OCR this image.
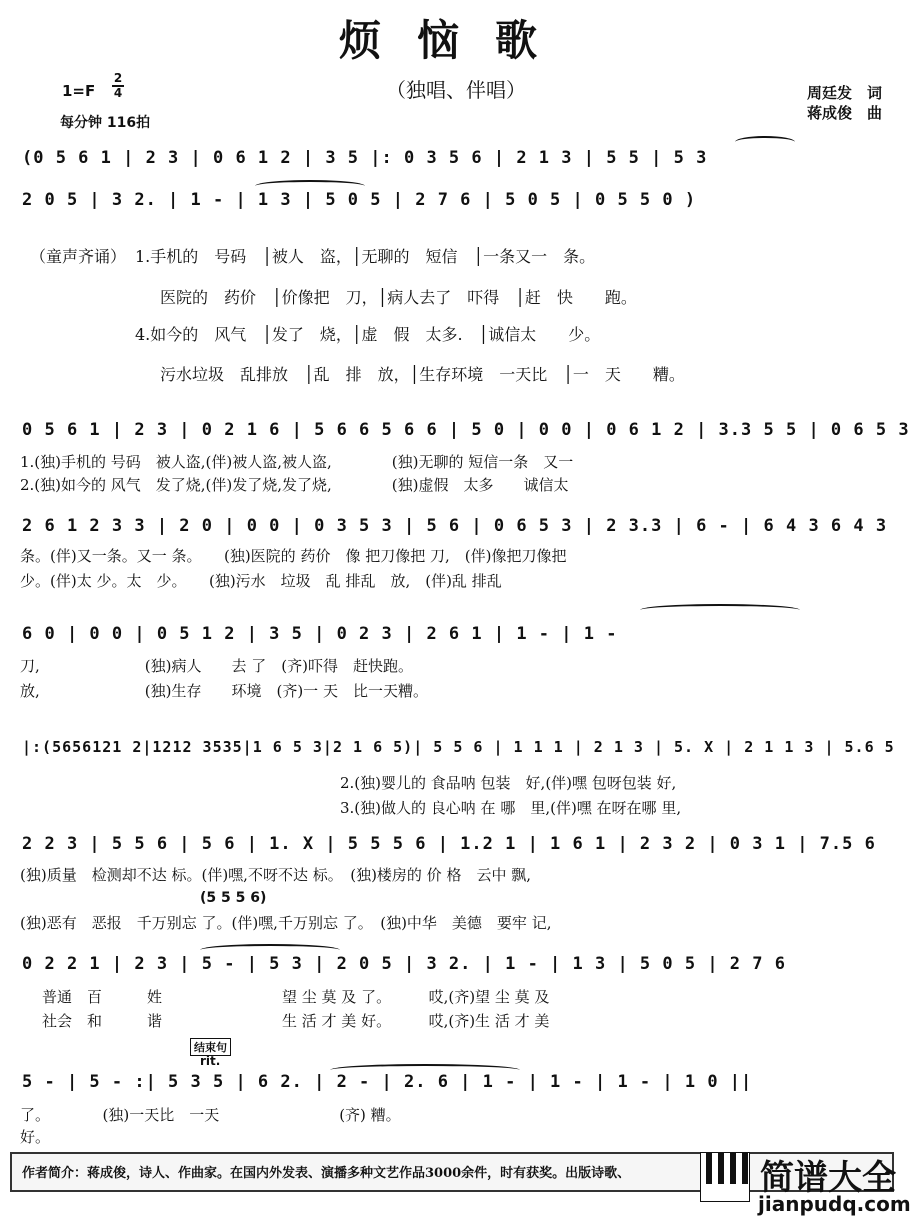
烦恼歌
（独唱、伴唱）	周廷发　词
蒋成俊　曲
1=F
2
4
每分钟 116拍
(0 5 6 1 | 2 3 | 0 6 1 2 | 3 5 |: 0 3 5 6 | 2 1 3 | 5 5 | 5 3
2 0 5 | 3 2. | 1 - | 1 3 | 5 0 5 | 2 7 6 | 5 0 5 | 0 5 5 0 )
（童声齐诵） 1.手机的　号码　│被人　盗，│无聊的　短信　│一条又一　条。
医院的　药价　│价像把　刀，│病人去了　吓得　│赶　快　　跑。
4.如今的　风气　│发了　烧，│虚　假　太多.　│诚信太　　少。
污水垃圾　乱排放　│乱　排　放，│生存环境　一天比　│一　天　　糟。
0 5 6 1 | 2 3 | 0 2 1 6 | 5 6 6 5 6 6 | 5 0 | 0 0 | 0 6 1 2 | 3.3 5 5 | 0 6 5 3
1.(独)手机的 号码　被人盗,(伴)被人盗,被人盗,　　　　(独)无聊的 短信一条　又一
2.(独)如今的 风气　发了烧,(伴)发了烧,发了烧,　　　　(独)虚假　太多　　诚信太
2 6 1 2 3 3 | 2 0 | 0 0 | 0 3 5 3 | 5 6 | 0 6 5 3 | 2 3.3 | 6 - | 6 4 3 6 4 3
条。(伴)又一条。又一 条。　　(独)医院的 药价　像 把刀像把 刀,　(伴)像把刀像把
少。(伴)太 少。太　少。　　(独)污水　垃圾　乱 排乱　放,　(伴)乱 排乱
6 0 | 0 0 | 0 5 1 2 | 3 5 | 0 2 3 | 2 6 1 | 1 - | 1 -
刀,　　　　　　　(独)病人　　去 了　(齐)吓得　赶快跑。
放,　　　　　　　(独)生存　　环境　(齐)一 天　比一天糟。
|:(5656121 2|1212 3535|1 6 5 3|2 1 6 5)| 5 5 6 | 1 1 1 | 2 1 3 | 5. X | 2 1 1 3 | 5.6 5
2.(独)婴儿的 食品呐 包装　好,(伴)嘿 包呀包装 好,
3.(独)做人的 良心呐 在 哪　里,(伴)嘿 在呀在哪 里,
2 2 3 | 5 5 6 | 5 6 | 1. X | 5 5 5 6 | 1.2 1 | 1 6 1 | 2 3 2 | 0 3 1 | 7.5 6
(独)质量　检测却不达 标。(伴)嘿,不呀不达 标。　(独)楼房的 价 格　云中 飘,
(5 5 5 6)
(独)恶有　恶报　千万别忘 了。(伴)嘿,千万别忘 了。　(独)中华　美德　要牢 记,
0 2 2 1 | 2 3 | 5 - | 5 3 | 2 0 5 | 3 2. | 1 - | 1 3 | 5 0 5 | 2 7 6
普通　百　　　姓　　　　　　　　望 尘 莫 及 了。　　　哎,(齐)望 尘 莫 及
社会　和　　　谐　　　　　　　　生 活 才 美 好。　　　哎,(齐)生 活 才 美
结束句
rit.
5 - | 5 - :| 5 3 5 | 6 2. | 2 - | 2. 6 | 1 - | 1 - | 1 - | 1 0 ||
了。　　　　(独)一天比　一天　　　　　　　　(齐) 糟。
好。
作者简介：蒋成俊，诗人、作曲家。在国内外发表、演播多种文艺作品3000余件，时有获奖。出版诗歌、	简谱大全
jianpudq.com
